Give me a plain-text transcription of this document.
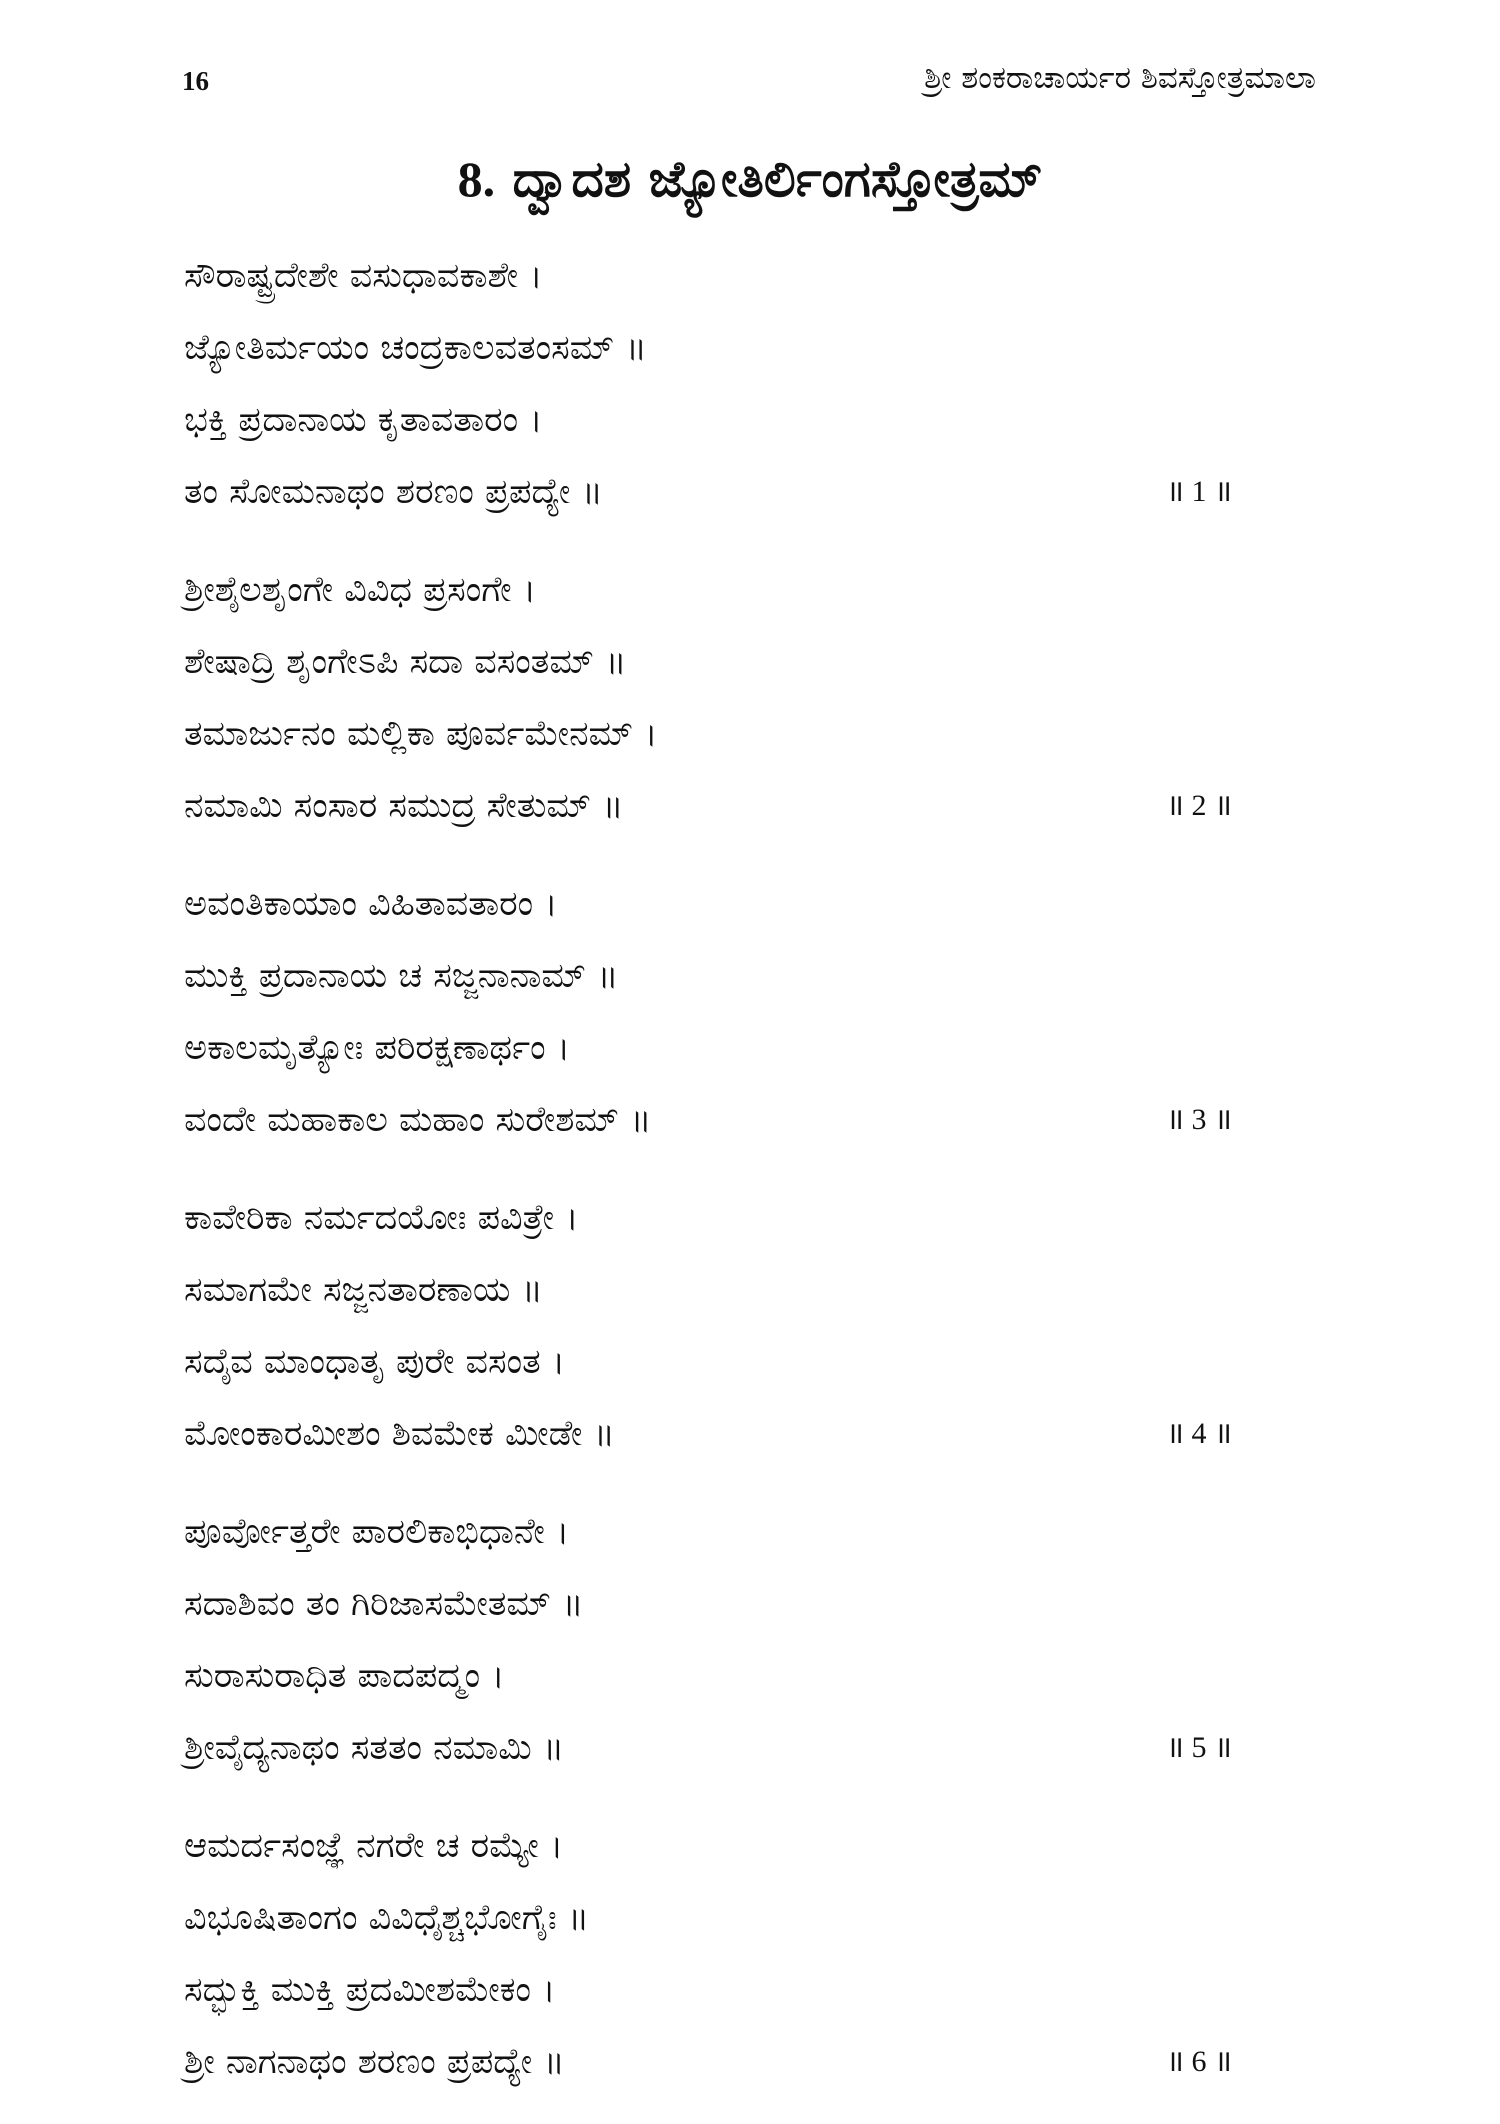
16	ಶ್ರೀ ಶಂಕರಾಚಾರ್ಯರ ಶಿವಸ್ತೋತ್ರಮಾಲಾ
8. ದ್ವಾದಶ ಜ್ಯೋತಿರ್ಲಿಂಗಸ್ತೋತ್ರಮ್
ಸೌರಾಷ್ಟ್ರದೇಶೇ ವಸುಧಾವಕಾಶೇ ।
ಜ್ಯೋತಿರ್ಮಯಂ ಚಂದ್ರಕಾಲವತಂಸಮ್ ॥
ಭಕ್ತಿ ಪ್ರದಾನಾಯ ಕೃತಾವತಾರಂ ।
ತಂ ಸೋಮನಾಥಂ ಶರಣಂ ಪ್ರಪದ್ಯೇ ॥	॥ 1 ॥
ಶ್ರೀಶೈಲಶೃಂಗೇ ವಿವಿಧ ಪ್ರಸಂಗೇ ।
ಶೇಷಾದ್ರಿ ಶೃಂಗೇಽಪಿ ಸದಾ ವಸಂತಮ್ ॥
ತಮಾರ್ಜುನಂ ಮಲ್ಲಿಕಾ ಪೂರ್ವಮೇನಮ್ ।
ನಮಾಮಿ ಸಂಸಾರ ಸಮುದ್ರ ಸೇತುಮ್ ॥	॥ 2 ॥
ಅವಂತಿಕಾಯಾಂ ವಿಹಿತಾವತಾರಂ ।
ಮುಕ್ತಿ ಪ್ರದಾನಾಯ ಚ ಸಜ್ಜನಾನಾಮ್ ॥
ಅಕಾಲಮೃತ್ಯೋಃ ಪರಿರಕ್ಷಣಾರ್ಥಂ ।
ವಂದೇ ಮಹಾಕಾಲ ಮಹಾಂ ಸುರೇಶಮ್ ॥	॥ 3 ॥
ಕಾವೇರಿಕಾ ನರ್ಮದಯೋಃ ಪವಿತ್ರೇ ।
ಸಮಾಗಮೇ ಸಜ್ಜನತಾರಣಾಯ ॥
ಸದೈವ ಮಾಂಧಾತೃ ಪುರೇ ವಸಂತ ।
ಮೋಂಕಾರಮೀಶಂ ಶಿವಮೇಕ ಮೀಡೇ ॥	॥ 4 ॥
ಪೂರ್ವೋತ್ತರೇ ಪಾರಲಿಕಾಭಿಧಾನೇ ।
ಸದಾಶಿವಂ ತಂ ಗಿರಿಜಾಸಮೇತಮ್ ॥
ಸುರಾಸುರಾಧಿತ ಪಾದಪದ್ಮಂ ।
ಶ್ರೀವೈದ್ಯನಾಥಂ ಸತತಂ ನಮಾಮಿ ॥	॥ 5 ॥
ಆಮರ್ದಸಂಜ್ಞೆ ನಗರೇ ಚ ರಮ್ಯೇ ।
ವಿಭೂಷಿತಾಂಗಂ ವಿವಿಧೈಶ್ಚಭೋಗೈಃ ॥
ಸದ್ಭುಕ್ತಿ ಮುಕ್ತಿ ಪ್ರದಮೀಶಮೇಕಂ ।
ಶ್ರೀ ನಾಗನಾಥಂ ಶರಣಂ ಪ್ರಪದ್ಯೇ ॥	॥ 6 ॥
